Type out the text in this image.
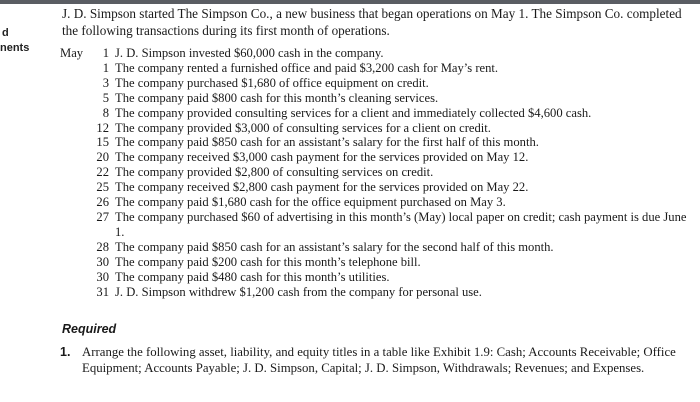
d
nents
J. D. Simpson started The Simpson Co., a new business that began operations on May 1. The Simpson Co. completed the following transactions during its first month of operations.
May	1 J. D. Simpson invested $60,000 cash in the company.
1 The company rented a furnished office and paid $3,200 cash for May’s rent.
3 The company purchased $1,680 of office equipment on credit.
5 The company paid $800 cash for this month’s cleaning services.
8 The company provided consulting services for a client and immediately collected $4,600 cash.
12 The company provided $3,000 of consulting services for a client on credit.
15 The company paid $850 cash for an assistant’s salary for the first half of this month.
20 The company received $3,000 cash payment for the services provided on May 12.
22 The company provided $2,800 of consulting services on credit.
25 The company received $2,800 cash payment for the services provided on May 22.
26 The company paid $1,680 cash for the office equipment purchased on May 3.
27 The company purchased $60 of advertising in this month’s (May) local paper on credit; cash payment is due June 1.
28 The company paid $850 cash for an assistant’s salary for the second half of this month.
30 The company paid $200 cash for this month’s telephone bill.
30 The company paid $480 cash for this month’s utilities.
31 J. D. Simpson withdrew $1,200 cash from the company for personal use.
Required
1. Arrange the following asset, liability, and equity titles in a table like Exhibit 1.9: Cash; Accounts Receivable; Office Equipment; Accounts Payable; J. D. Simpson, Capital; J. D. Simpson, Withdrawals; Revenues; and Expenses.
